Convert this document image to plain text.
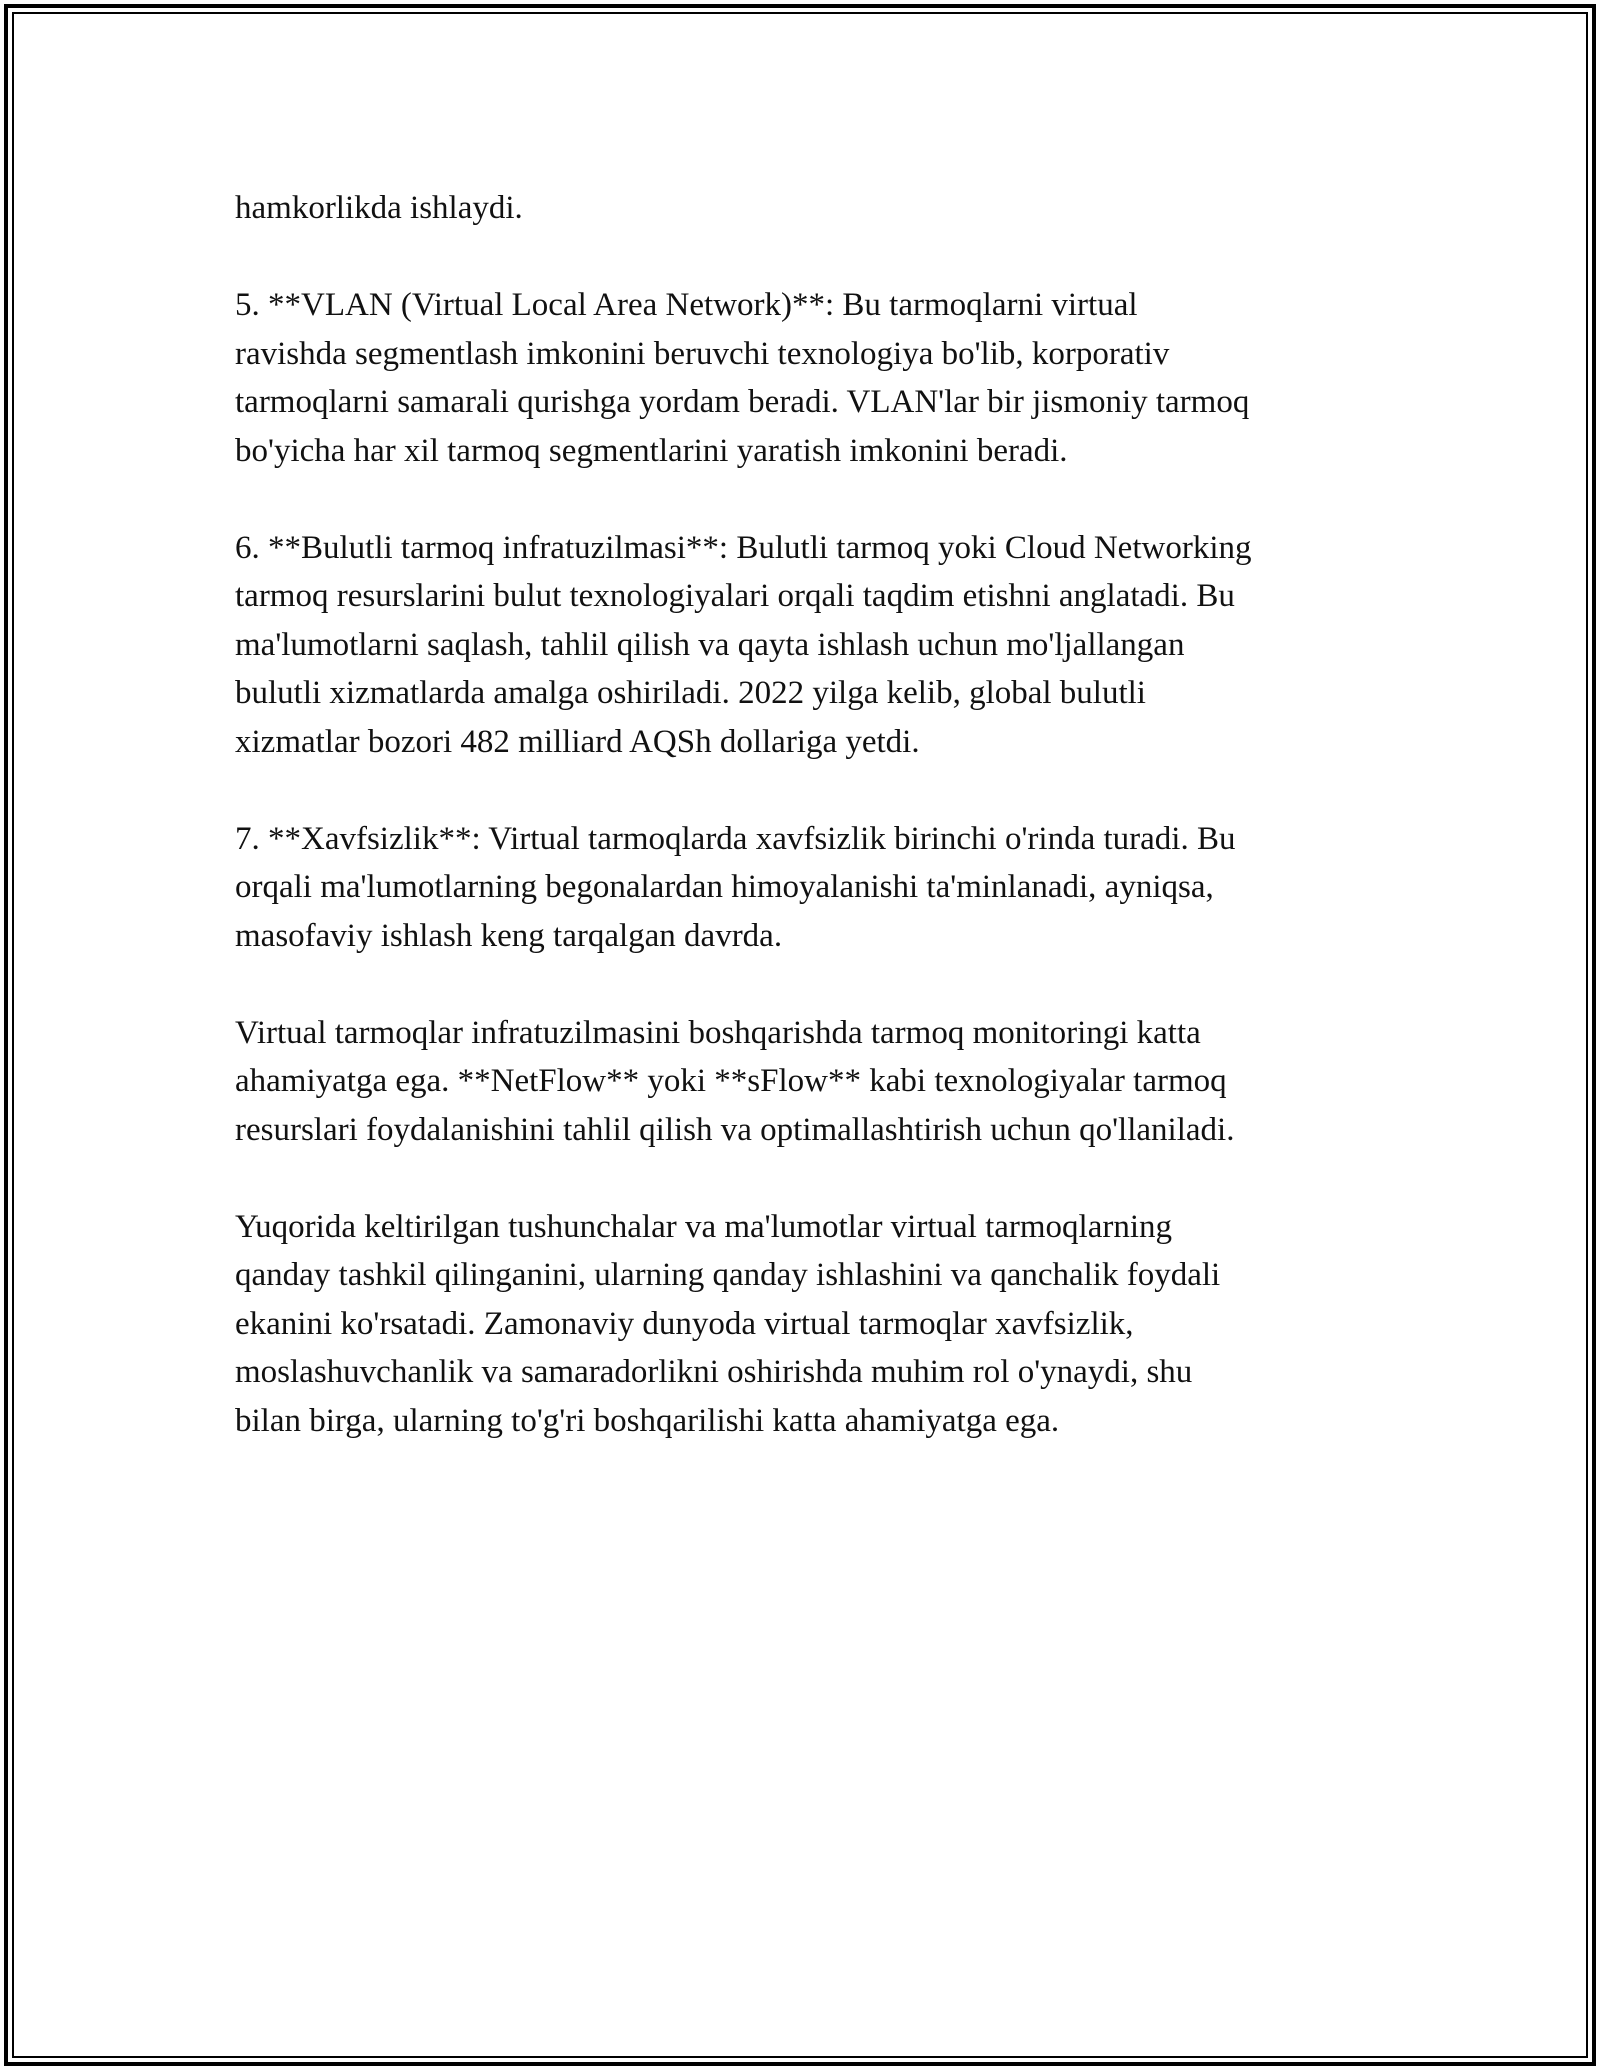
hamkorlikda ishlaydi.

5. **VLAN (Virtual Local Area Network)**: Bu tarmoqlarni virtual
ravishda segmentlash imkonini beruvchi texnologiya bo'lib, korporativ
tarmoqlarni samarali qurishga yordam beradi. VLAN'lar bir jismoniy tarmoq
bo'yicha har xil tarmoq segmentlarini yaratish imkonini beradi.

6. **Bulutli tarmoq infratuzilmasi**: Bulutli tarmoq yoki Cloud Networking
tarmoq resurslarini bulut texnologiyalari orqali taqdim etishni anglatadi. Bu
ma'lumotlarni saqlash, tahlil qilish va qayta ishlash uchun mo'ljallangan
bulutli xizmatlarda amalga oshiriladi. 2022 yilga kelib, global bulutli
xizmatlar bozori 482 milliard AQSh dollariga yetdi.

7. **Xavfsizlik**: Virtual tarmoqlarda xavfsizlik birinchi o'rinda turadi. Bu
orqali ma'lumotlarning begonalardan himoyalanishi ta'minlanadi, ayniqsa,
masofaviy ishlash keng tarqalgan davrda.

Virtual tarmoqlar infratuzilmasini boshqarishda tarmoq monitoringi katta
ahamiyatga ega. **NetFlow** yoki **sFlow** kabi texnologiyalar tarmoq
resurslari foydalanishini tahlil qilish va optimallashtirish uchun qo'llaniladi.

Yuqorida keltirilgan tushunchalar va ma'lumotlar virtual tarmoqlarning
qanday tashkil qilinganini, ularning qanday ishlashini va qanchalik foydali
ekanini ko'rsatadi. Zamonaviy dunyoda virtual tarmoqlar xavfsizlik,
moslashuvchanlik va samaradorlikni oshirishda muhim rol o'ynaydi, shu
bilan birga, ularning to'g'ri boshqarilishi katta ahamiyatga ega.
